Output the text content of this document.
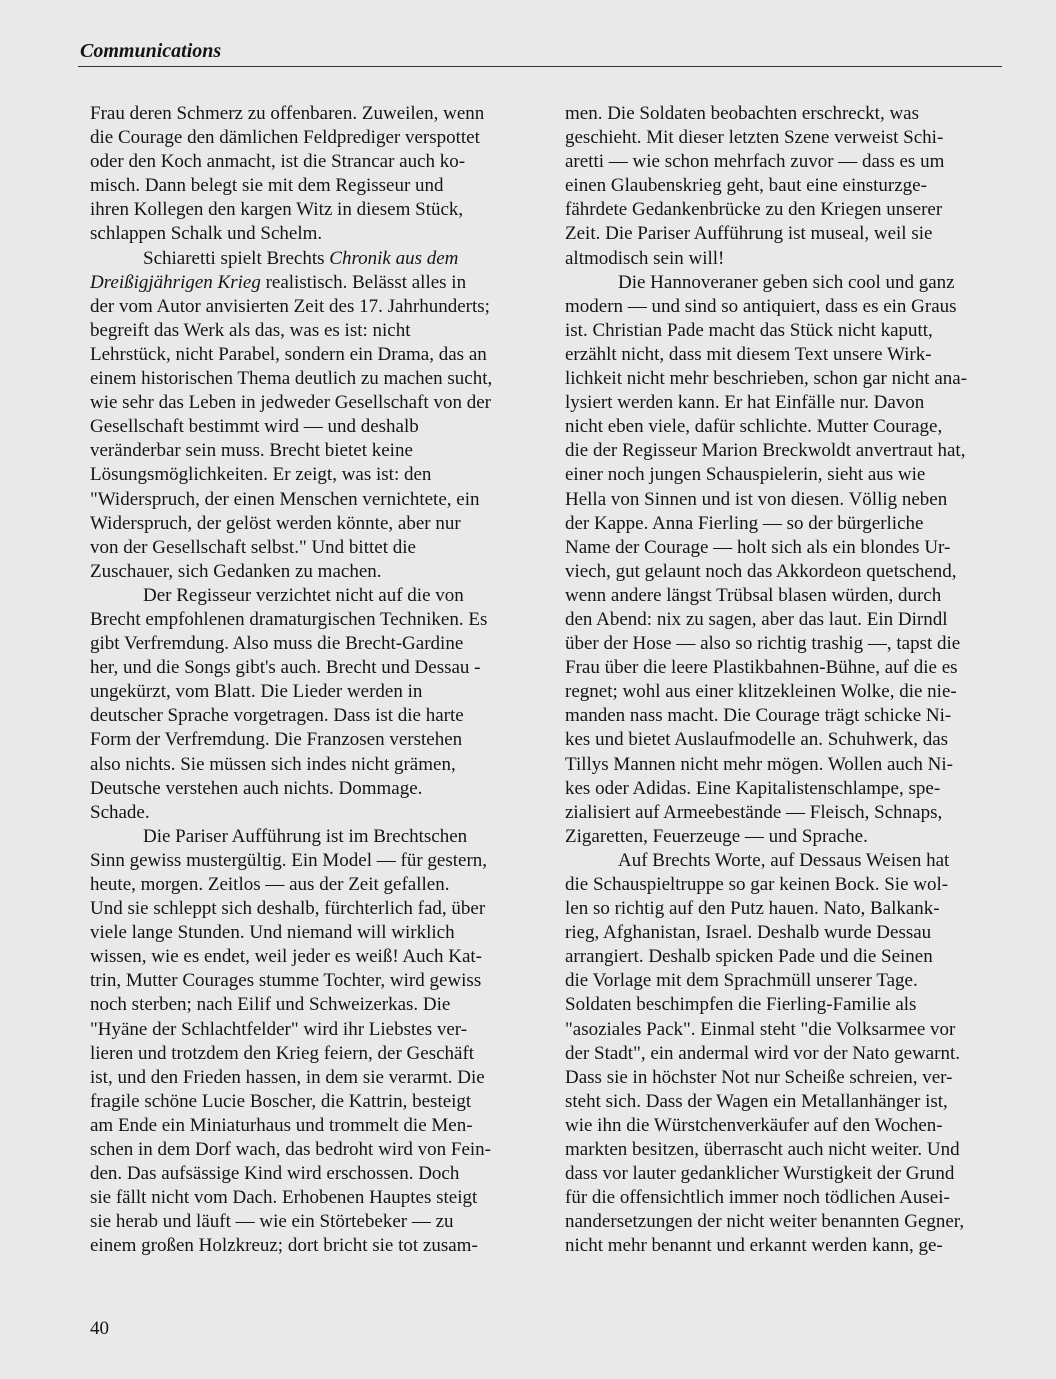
Communications
Frau deren Schmerz zu offenbaren. Zuweilen, wenn
die Courage den dämlichen Feldprediger verspottet
oder den Koch anmacht, ist die Strancar auch ko-
misch. Dann belegt sie mit dem Regisseur und
ihren Kollegen den kargen Witz in diesem Stück,
schlappen Schalk und Schelm.
Schiaretti spielt Brechts Chronik aus dem
Dreißigjährigen Krieg realistisch. Belässt alles in
der vom Autor anvisierten Zeit des 17. Jahrhunderts;
begreift das Werk als das, was es ist: nicht
Lehrstück, nicht Parabel, sondern ein Drama, das an
einem historischen Thema deutlich zu machen sucht,
wie sehr das Leben in jedweder Gesellschaft von der
Gesellschaft bestimmt wird — und deshalb
veränderbar sein muss. Brecht bietet keine
Lösungsmöglichkeiten. Er zeigt, was ist: den
"Widerspruch, der einen Menschen vernichtete, ein
Widerspruch, der gelöst werden könnte, aber nur
von der Gesellschaft selbst." Und bittet die
Zuschauer, sich Gedanken zu machen.
Der Regisseur verzichtet nicht auf die von
Brecht empfohlenen dramaturgischen Techniken. Es
gibt Verfremdung. Also muss die Brecht-Gardine
her, und die Songs gibt's auch. Brecht und Dessau -
ungekürzt, vom Blatt. Die Lieder werden in
deutscher Sprache vorgetragen. Dass ist die harte
Form der Verfremdung. Die Franzosen verstehen
also nichts. Sie müssen sich indes nicht grämen,
Deutsche verstehen auch nichts. Dommage.
Schade.
Die Pariser Aufführung ist im Brechtschen
Sinn gewiss mustergültig. Ein Model — für gestern,
heute, morgen. Zeitlos — aus der Zeit gefallen.
Und sie schleppt sich deshalb, fürchterlich fad, über
viele lange Stunden. Und niemand will wirklich
wissen, wie es endet, weil jeder es weiß! Auch Kat-
trin, Mutter Courages stumme Tochter, wird gewiss
noch sterben; nach Eilif und Schweizerkas. Die
"Hyäne der Schlachtfelder" wird ihr Liebstes ver-
lieren und trotzdem den Krieg feiern, der Geschäft
ist, und den Frieden hassen, in dem sie verarmt. Die
fragile schöne Lucie Boscher, die Kattrin, besteigt
am Ende ein Miniaturhaus und trommelt die Men-
schen in dem Dorf wach, das bedroht wird von Fein-
den. Das aufsässige Kind wird erschossen. Doch
sie fällt nicht vom Dach. Erhobenen Hauptes steigt
sie herab und läuft — wie ein Störtebeker — zu
einem großen Holzkreuz; dort bricht sie tot zusam-
men. Die Soldaten beobachten erschreckt, was
geschieht. Mit dieser letzten Szene verweist Schi-
aretti — wie schon mehrfach zuvor — dass es um
einen Glaubenskrieg geht, baut eine einsturzge-
fährdete Gedankenbrücke zu den Kriegen unserer
Zeit. Die Pariser Aufführung ist museal, weil sie
altmodisch sein will!
Die Hannoveraner geben sich cool und ganz
modern — und sind so antiquiert, dass es ein Graus
ist. Christian Pade macht das Stück nicht kaputt,
erzählt nicht, dass mit diesem Text unsere Wirk-
lichkeit nicht mehr beschrieben, schon gar nicht ana-
lysiert werden kann. Er hat Einfälle nur. Davon
nicht eben viele, dafür schlichte. Mutter Courage,
die der Regisseur Marion Breckwoldt anvertraut hat,
einer noch jungen Schauspielerin, sieht aus wie
Hella von Sinnen und ist von diesen. Völlig neben
der Kappe. Anna Fierling — so der bürgerliche
Name der Courage — holt sich als ein blondes Ur-
viech, gut gelaunt noch das Akkordeon quetschend,
wenn andere längst Trübsal blasen würden, durch
den Abend: nix zu sagen, aber das laut. Ein Dirndl
über der Hose — also so richtig trashig —, tapst die
Frau über die leere Plastikbahnen-Bühne, auf die es
regnet; wohl aus einer klitzekleinen Wolke, die nie-
manden nass macht. Die Courage trägt schicke Ni-
kes und bietet Auslaufmodelle an. Schuhwerk, das
Tillys Mannen nicht mehr mögen. Wollen auch Ni-
kes oder Adidas. Eine Kapitalistenschlampe, spe-
zialisiert auf Armeebestände — Fleisch, Schnaps,
Zigaretten, Feuerzeuge — und Sprache.
Auf Brechts Worte, auf Dessaus Weisen hat
die Schauspieltruppe so gar keinen Bock. Sie wol-
len so richtig auf den Putz hauen. Nato, Balkank-
rieg, Afghanistan, Israel. Deshalb wurde Dessau
arrangiert. Deshalb spicken Pade und die Seinen
die Vorlage mit dem Sprachmüll unserer Tage.
Soldaten beschimpfen die Fierling-Familie als
"asoziales Pack". Einmal steht "die Volksarmee vor
der Stadt", ein andermal wird vor der Nato gewarnt.
Dass sie in höchster Not nur Scheiße schreien, ver-
steht sich. Dass der Wagen ein Metallanhänger ist,
wie ihn die Würstchenverkäufer auf den Wochen-
markten besitzen, überrascht auch nicht weiter. Und
dass vor lauter gedanklicher Wurstigkeit der Grund
für die offensichtlich immer noch tödlichen Ausei-
nandersetzungen der nicht weiter benannten Gegner,
nicht mehr benannt und erkannt werden kann, ge-
40
